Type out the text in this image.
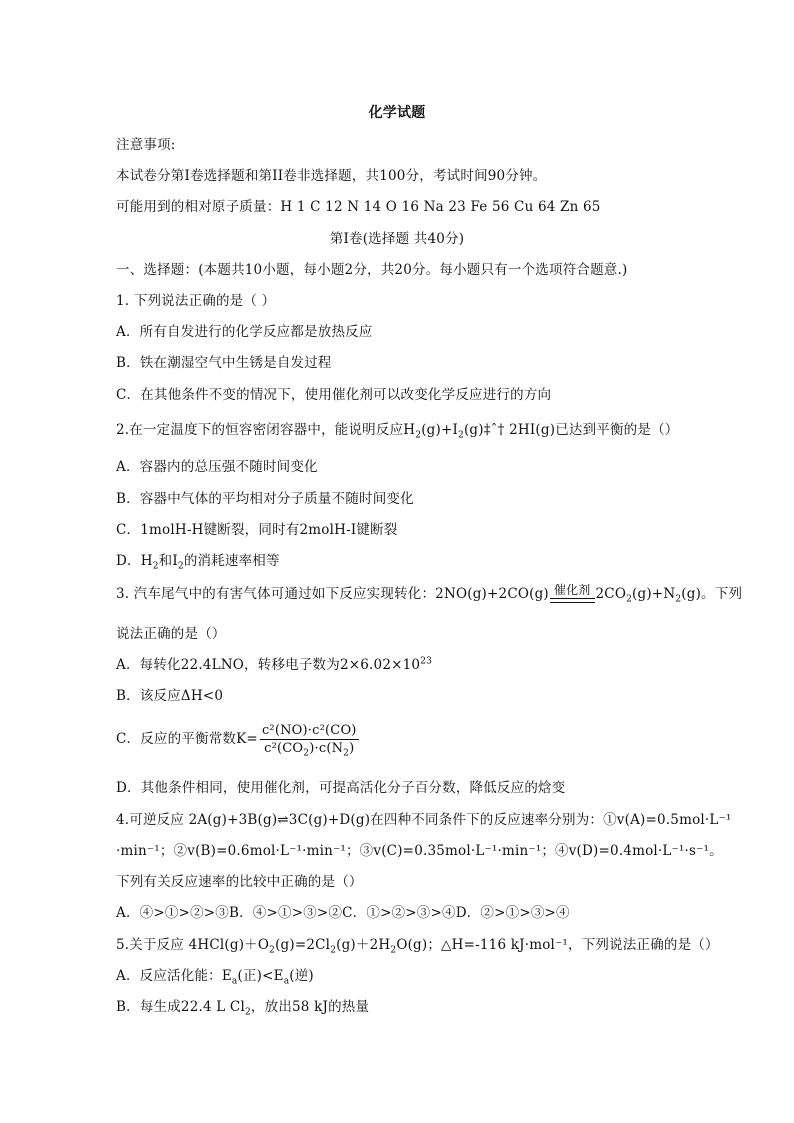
化学试题
注意事项:
本试卷分第I卷选择题和第II卷非选择题，共100分，考试时间90分钟。
可能用到的相对原子质量：H 1 C 12 N 14 O 16 Na 23 Fe 56 Cu 64 Zn 65
第I卷(选择题 共40分)
一、选择题：(本题共10小题，每小题2分，共20分。每小题只有一个选项符合题意.)
1. 下列说法正确的是（ ）
A．所有自发进行的化学反应都是放热反应
B．铁在潮湿空气中生锈是自发过程
C．在其他条件不变的情况下，使用催化剂可以改变化学反应进行的方向
2.在一定温度下的恒容密闭容器中，能说明反应$H_2(g)+I_2(g)\ddagger ˆ\dagger$ 2HI(g)已达到平衡的是（）
A．容器内的总压强不随时间变化
B．容器中气体的平均相对分子质量不随时间变化
C．1molH-H键断裂，同时有2molH-I键断裂
D．$H_2$和$I_2$的消耗速率相等
3. 汽车尾气中的有害气体可通过如下反应实现转化：2NO(g)+2CO(g) 催化剂 $2CO_2(g)+N_2(g)$。下列
说法正确的是（）
A．每转化22.4LNO，转移电子数为$2\times 6.02\times 10^{23}$
B．该反应ΔH<0
C．反应的平衡常数$K= \frac{\text{c²(NO)·c²(CO)}}{c^2(CO_2)\cdot c(N_2)}$
D．其他条件相同，使用催化剂，可提高活化分子百分数，降低反应的焓变
4.可逆反应 2A(g)+3B(g)⇌3C(g)+D(g)在四种不同条件下的反应速率分别为：①v(A)=0.5mol·L⁻¹
·min⁻¹；②v(B)=0.6mol·L⁻¹·min⁻¹；③v(C)=0.35mol·L⁻¹·min⁻¹；④v(D)=0.4mol·L⁻¹·s⁻¹。
下列有关反应速率的比较中正确的是（）
A．④>①>②>③B．④>①>③>②C．①>②>③>④D．②>①>③>④
5.关于反应 $4HCl(g)+O_2(g)=2Cl_2(g)+2H_2O(g)$；△H=-116 kJ·mol⁻¹，下列说法正确的是（）
A．反应活化能：$E_a$(正)$<E_a$(逆)
B．每生成22.4 L $Cl_2$，放出58 kJ的热量
